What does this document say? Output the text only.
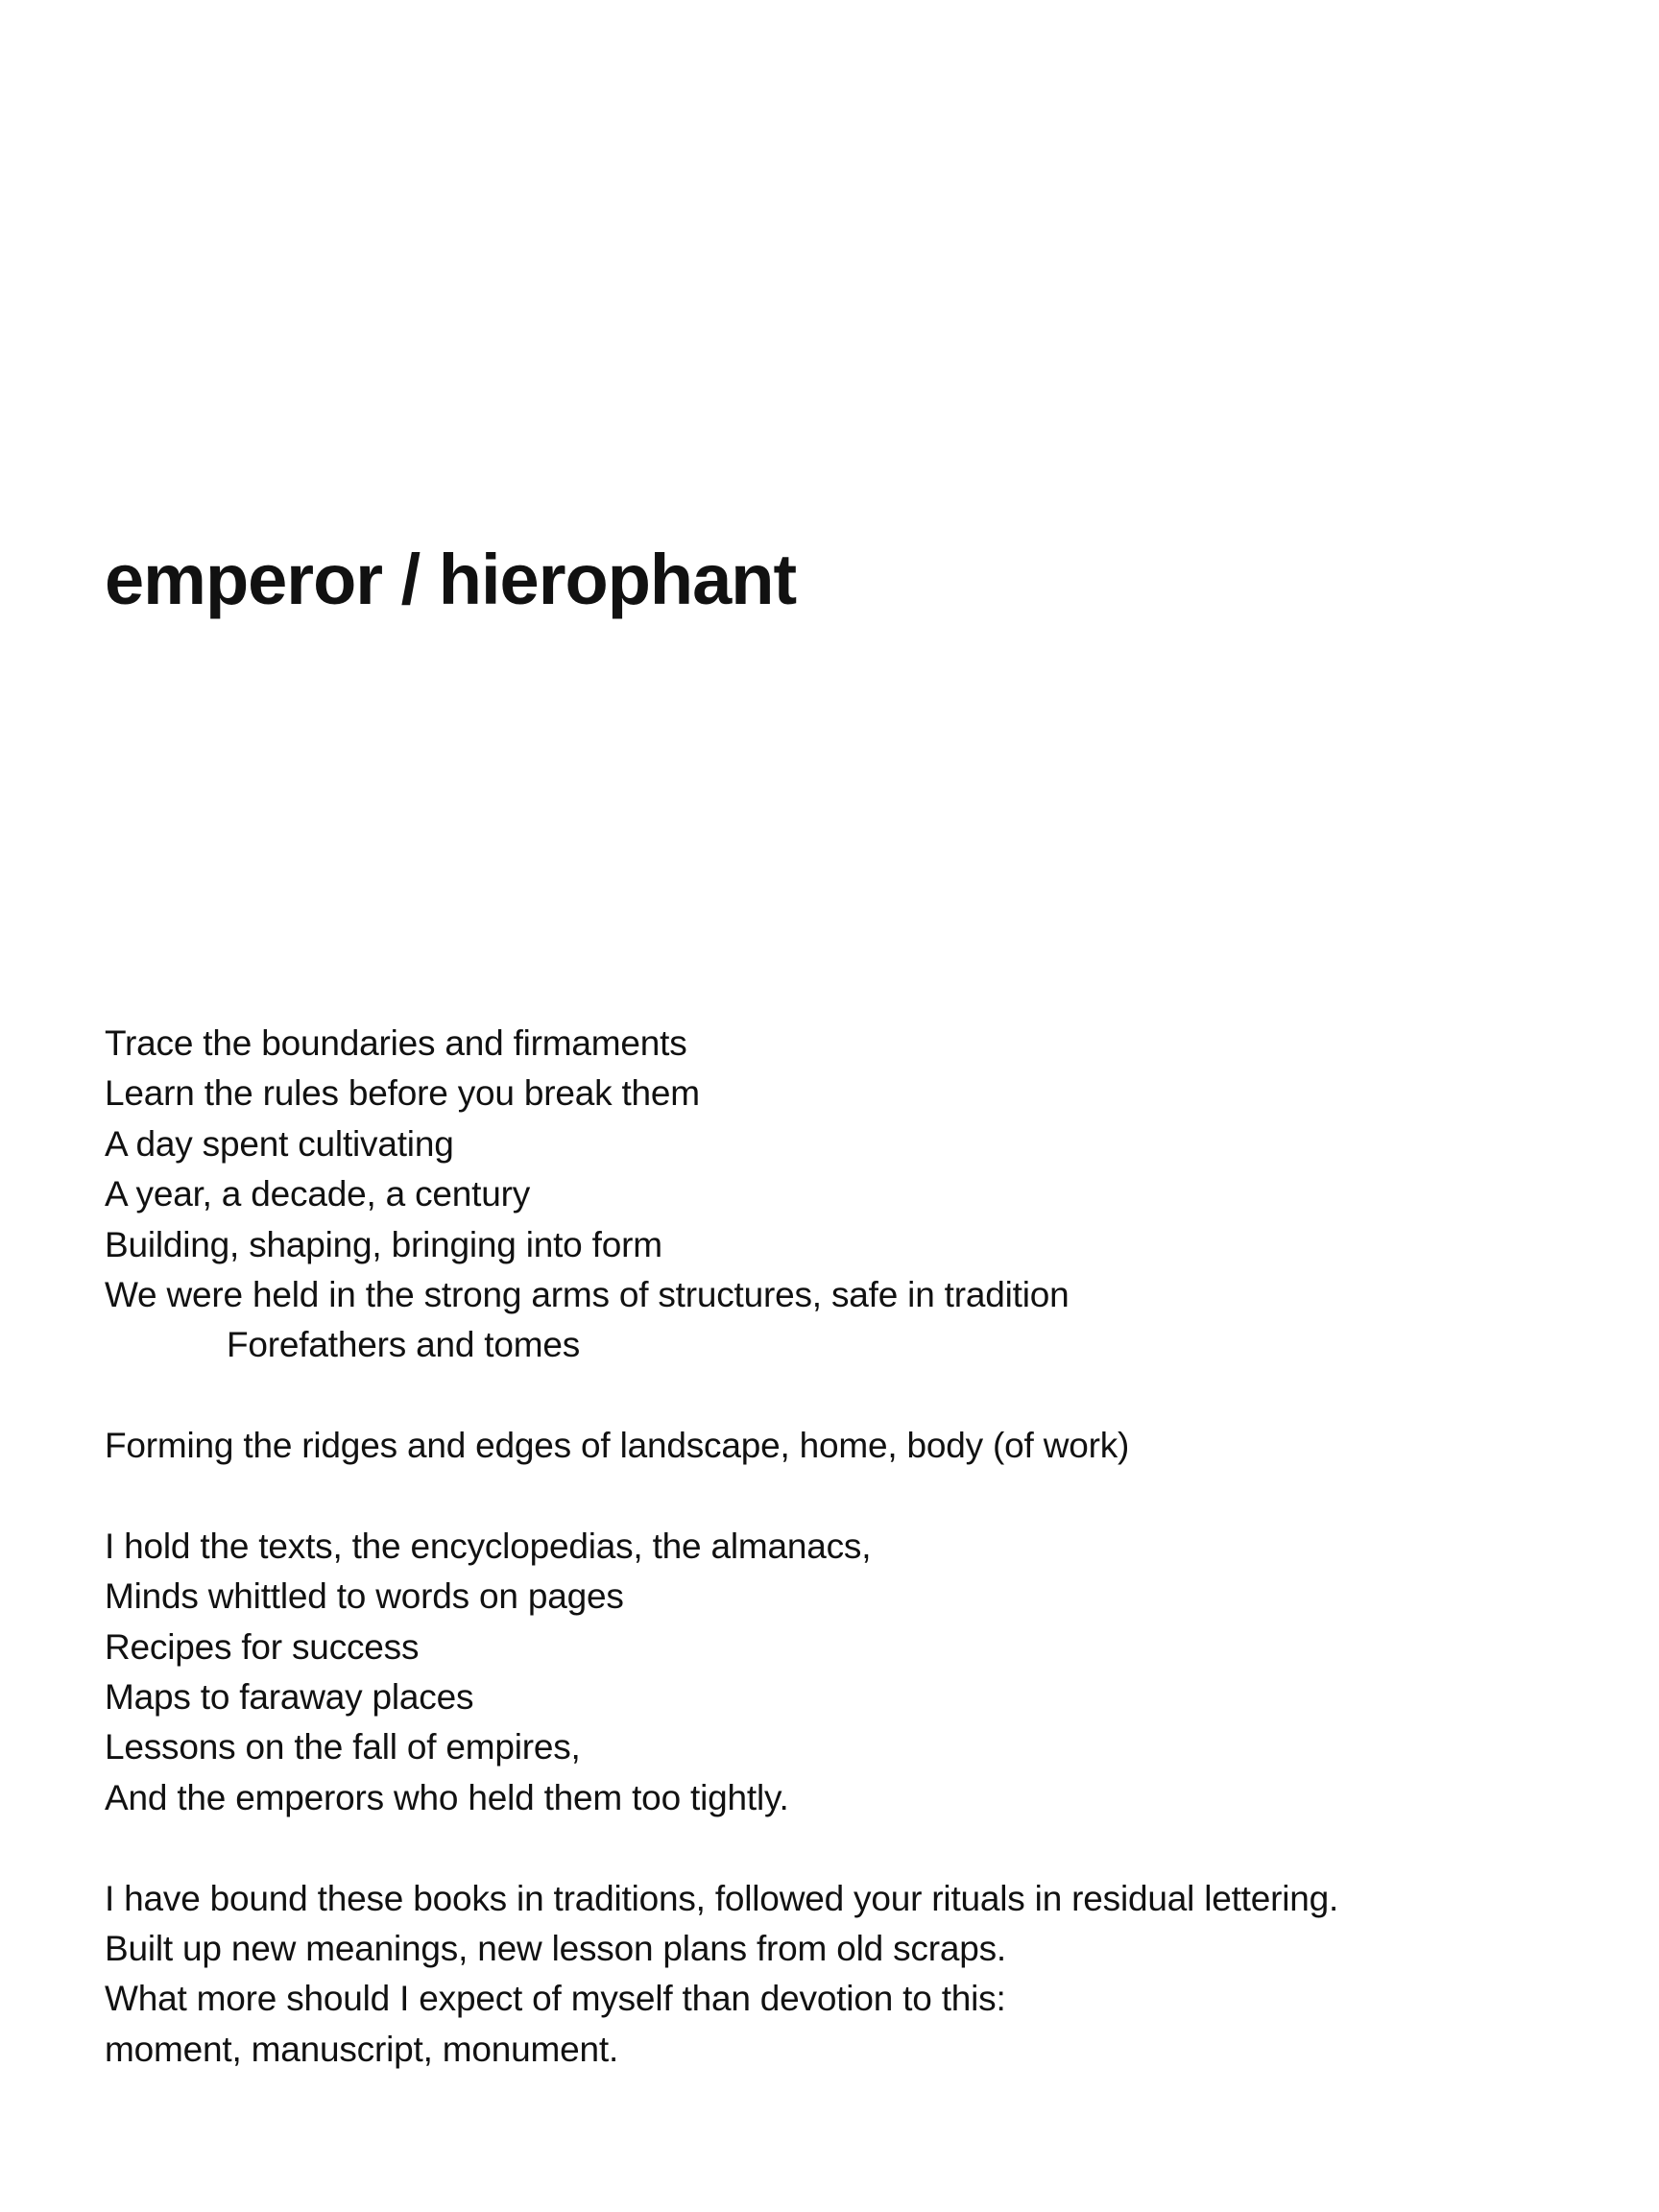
emperor / hierophant
Trace the boundaries and firmaments
Learn the rules before you break them
A day spent cultivating
A year, a decade, a century
Building, shaping, bringing into form
We were held in the strong arms of structures, safe in tradition
Forefathers and tomes
Forming the ridges and edges of landscape, home, body (of work)
I hold the texts, the encyclopedias, the almanacs,
Minds whittled to words on pages
Recipes for success
Maps to faraway places
Lessons on the fall of empires,
And the emperors who held them too tightly.
I have bound these books in traditions, followed your rituals in residual lettering.
Built up new meanings, new lesson plans from old scraps.
What more should I expect of myself than devotion to this:
moment, manuscript, monument.
